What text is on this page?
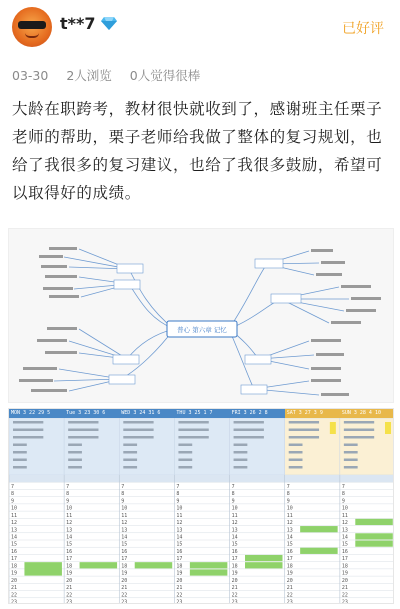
t**7	已好评
03-30 2人浏览 0人觉得很棒
大龄在职跨考，教材很快就收到了，感谢班主任栗子老师的帮助，栗子老师给我做了整体的复习规划，也给了我很多的复习建议，也给了我很多鼓励，希望可以取得好的成绩。
普心 第六章 记忆
MON 3 22 29 5	Tue 3 23 30 6	WED 3 24 31 6	THU 3 25 1 7	FRI 3 26 2 8	SAT 3 27 3 9	SUN 3 28 4 10
7	7	7	7	7	7	7
8	8	8	8	8	8	8
9	9	9	9	9	9	9
10	10	10	10	10	10	10
11	11	11	11	11	11	11
12	12	12	12	12	12	12
13	13	13	13	13	13	13
14	14	14	14	14	14	14
15	15	15	15	15	15	15
16	16	16	16	16	16	16
17	17	17	17	17	17	17
18	18	18	18	18	18	18
19	19	19	19	19	19	19
20	20	20	20	20	20	20
21	21	21	21	21	21	21
22	22	22	22	22	22	22
23	23	23	23	23	23	23
